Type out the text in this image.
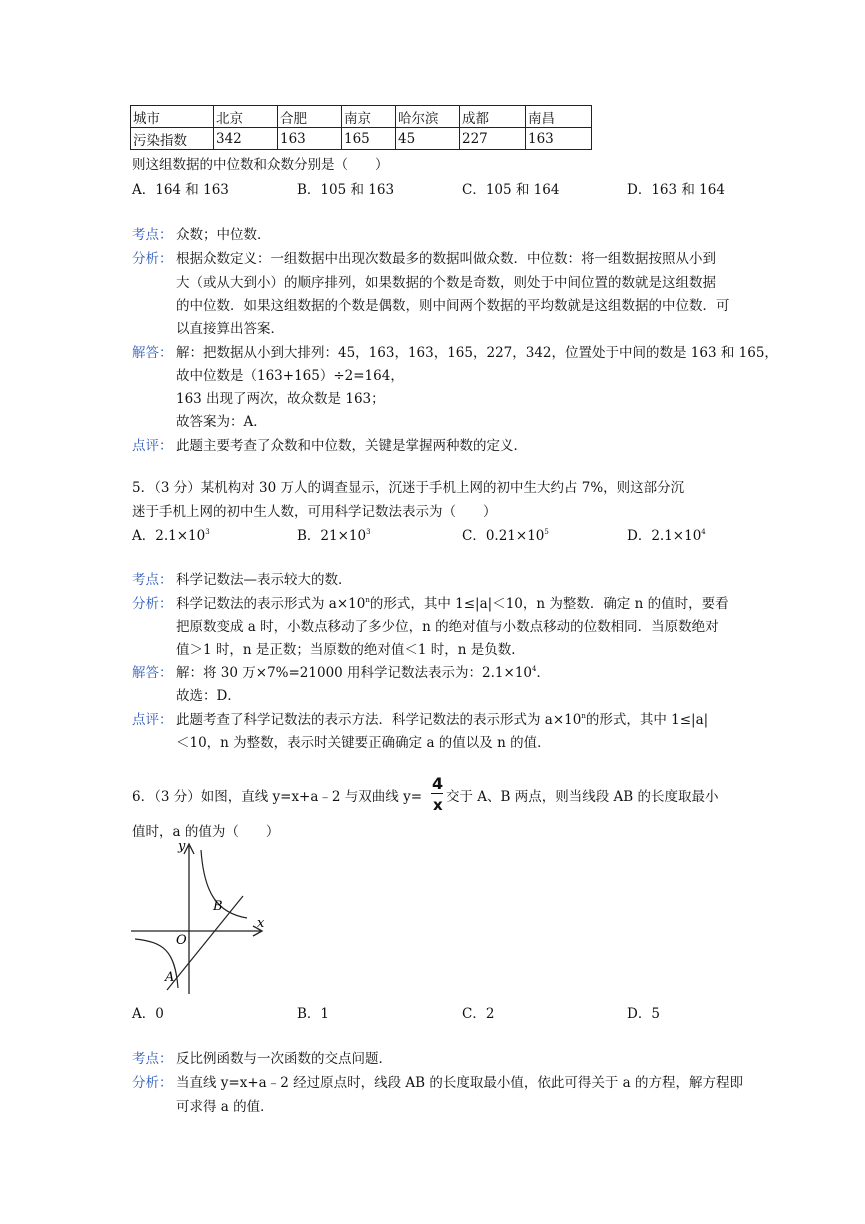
城市	北京	合肥	南京	哈尔滨	成都	南昌
污染指数	342	163	165	45	227	163
则这组数据的中位数和众数分别是（　　）
A．164 和 163	B．105 和 163	C．105 和 164	D．163 和 164
考点： 众数；中位数．
分析： 根据众数定义：一组数据中出现次数最多的数据叫做众数．中位数：将一组数据按照从小到
大（或从大到小）的顺序排列，如果数据的个数是奇数，则处于中间位置的数就是这组数据
的中位数．如果这组数据的个数是偶数，则中间两个数据的平均数就是这组数据的中位数．可
以直接算出答案．
解答： 解：把数据从小到大排列：45，163，163，165，227，342，位置处于中间的数是 163 和 165，
故中位数是（163+165）÷2=164，
163 出现了两次，故众数是 163；
故答案为：A．
点评： 此题主要考查了众数和中位数，关键是掌握两种数的定义．
5．（3 分）某机构对 30 万人的调查显示，沉迷于手机上网的初中生大约占 7%，则这部分沉
迷于手机上网的初中生人数，可用科学记数法表示为（　　）
A．$2.1\times 10^3$	B．$21\times 10^3$	C．$0.21\times 10^5$	D．$2.1\times 10^4$
考点： 科学记数法—表示较大的数．
分析： 科学记数法的表示形式为 $a\times 10^n$的形式，其中 1≤|a|＜10，n 为整数．确定 n 的值时，要看
把原数变成 a 时，小数点移动了多少位，n 的绝对值与小数点移动的位数相同．当原数绝对
值＞1 时，n 是正数；当原数的绝对值＜1 时，n 是负数．
解答： 解：将 30 万×7%=21000 用科学记数法表示为：$2.1\times 10^4$．
故选：D．
点评： 此题考查了科学记数法的表示方法．科学记数法的表示形式为 $a\times 10^n$的形式，其中 1≤|a|
＜10，n 为整数，表示时关键要正确确定 a 的值以及 n 的值．
6．（3 分）如图，直线 y=x+a﹣2 与双曲线 y=
4
x 交于 A、B 两点，则当线段 AB 的长度取最小
值时，a 的值为（　　）
y
x
O
A
B
A．0	B．1	C．2	D．5
考点： 反比例函数与一次函数的交点问题．
分析： 当直线 y=x+a﹣2 经过原点时，线段 AB 的长度取最小值，依此可得关于 a 的方程，解方程即
可求得 a 的值．
